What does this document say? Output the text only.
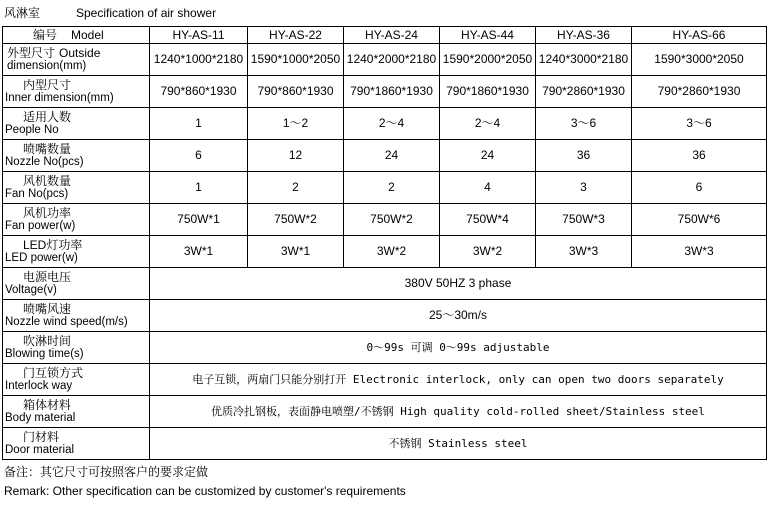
风淋室	Specification of air shower
编号 Model	HY-AS-11	HY-AS-22	HY-AS-24	HY-AS-44	HY-AS-36	HY-AS-66
外型尺寸 Outside
dimension(mm)	1240*1000*2180	1590*1000*2050	1240*2000*2180	1590*2000*2050	1240*3000*2180	1590*3000*2050

内型尺寸
Inner dimension(mm)	790*860*1930	790*860*1930	790*1860*1930	790*1860*1930	790*2860*1930	790*2860*1930

适用人数
People No	1	1～2	2～4	2～4	3～6	3～6

喷嘴数量
Nozzle No(pcs)	6	12	24	24	36	36

风机数量
Fan No(pcs)	1	2	2	4	3	6

风机功率
Fan power(w)	750W*1	750W*2	750W*2	750W*4	750W*3	750W*6

LED灯功率
LED power(w)	3W*1	3W*1	3W*2	3W*2	3W*3	3W*3

电源电压
Voltage(v)	380V 50HZ 3 phase					

喷嘴风速
Nozzle wind speed(m/s)	25～30m/s					

吹淋时间
Blowing time(s)	0～99s 可调 0～99s adjustable					

门互锁方式
Interlock way	电子互锁，两扇门只能分别打开 Electronic interlock, only can open two doors separately					

箱体材料
Body material	优质冷扎钢板，表面静电喷塑/不锈钢 High quality cold-rolled sheet/Stainless steel					

门材料
Door material	不锈钢 Stainless steel					
备注：其它尺寸可按照客户的要求定做
Remark: Other specification can be customized by customer's requirements
